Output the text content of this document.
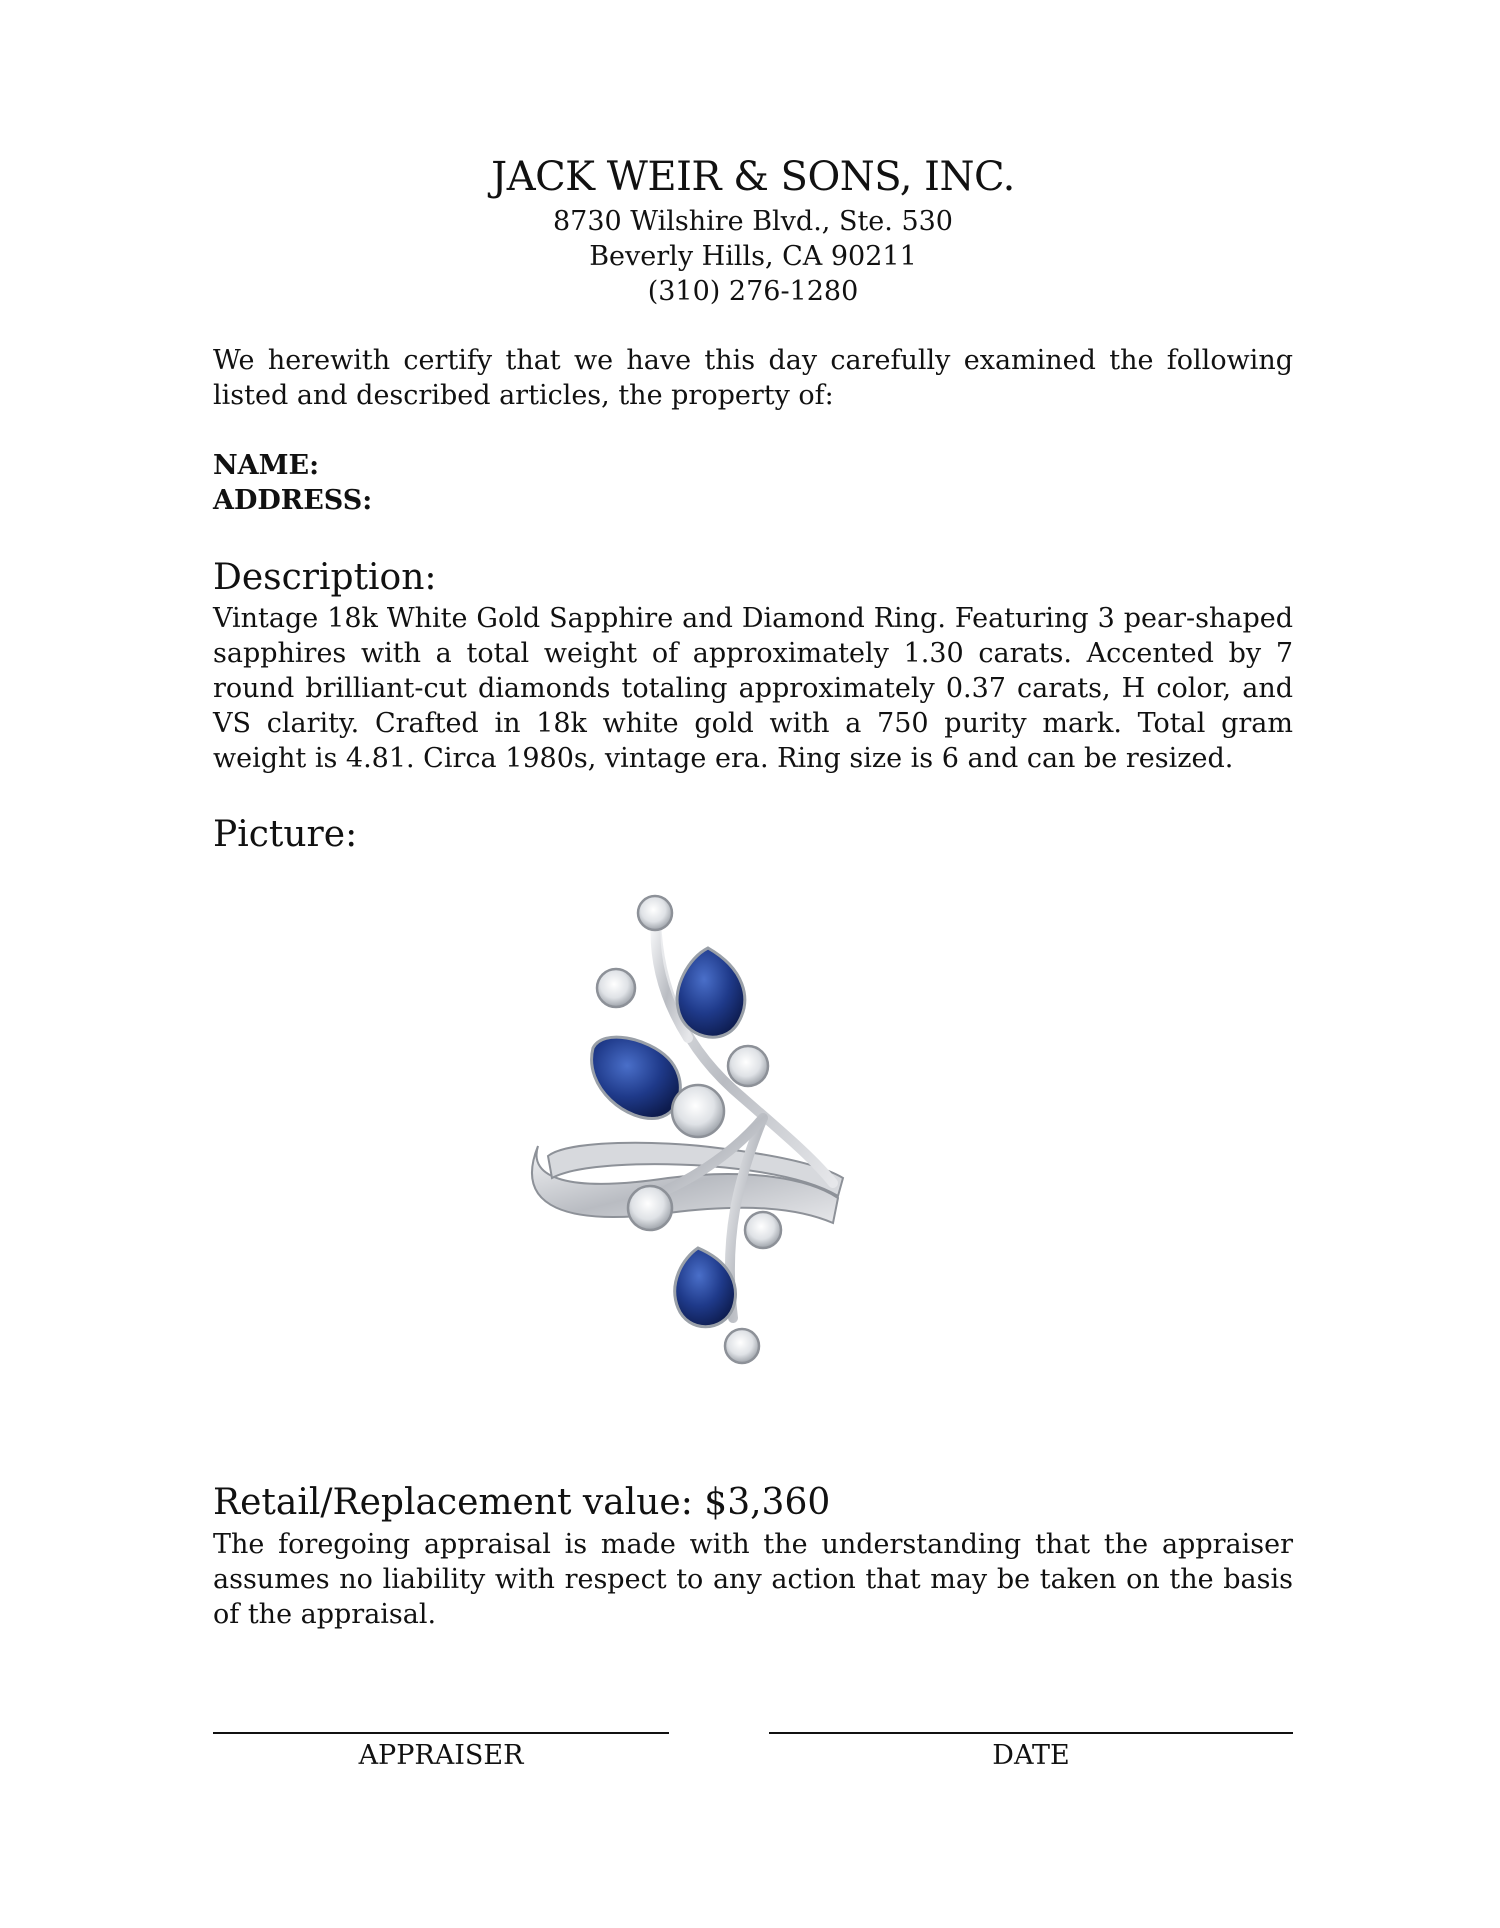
JACK WEIR & SONS, INC.
8730 Wilshire Blvd., Ste. 530
Beverly Hills, CA 90211
(310) 276-1280
We herewith certify that we have this day carefully examined the following listed and described articles, the property of:
NAME:
ADDRESS:
Description:
Vintage 18k White Gold Sapphire and Diamond Ring. Featuring 3 pear-shaped sapphires with a total weight of approximately 1.30 carats. Accented by 7 round brilliant-cut diamonds totaling approximately 0.37 carats, H color, and VS clarity. Crafted in 18k white gold with a 750 purity mark. Total gram weight is 4.81. Circa 1980s, vintage era. Ring size is 6 and can be resized.
Picture:
Retail/Replacement value: $3,360
The foregoing appraisal is made with the understanding that the appraiser assumes no liability with respect to any action that may be taken on the basis of the appraisal.
APPRAISER	DATE
